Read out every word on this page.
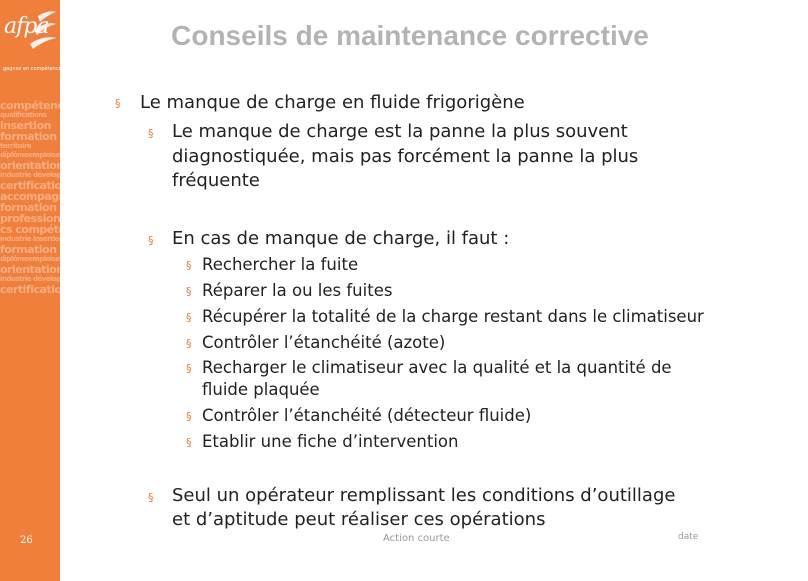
afpa
gagnez en compétences
compétences
qualifications
insertion
formation
territoire
diplômeemploiservices
orientation
industrie développement
certification
accompagnement
formation métier
professionnel
cs compétences
industrie insertion
formation territoire
diplômeemploiservices
orientation
industrie développement
certification
26
Conseils de maintenance corrective
§ Le manque de charge en fluide frigorigène
§ Le manque de charge est la panne la plus souvent
diagnostiquée, mais pas forcément la panne la plus
fréquente
§ En cas de manque de charge, il faut :
§ Rechercher la fuite
§ Réparer la ou les fuites
§ Récupérer la totalité de la charge restant dans le climatiseur
§ Contrôler l’étanchéité (azote)
§ Recharger le climatiseur avec la qualité et la quantité de
fluide plaquée
§ Contrôler l’étanchéité (détecteur fluide)
§ Etablir une fiche d’intervention
§ Seul un opérateur remplissant les conditions d’outillage
et d’aptitude peut réaliser ces opérations
Action courte	date
